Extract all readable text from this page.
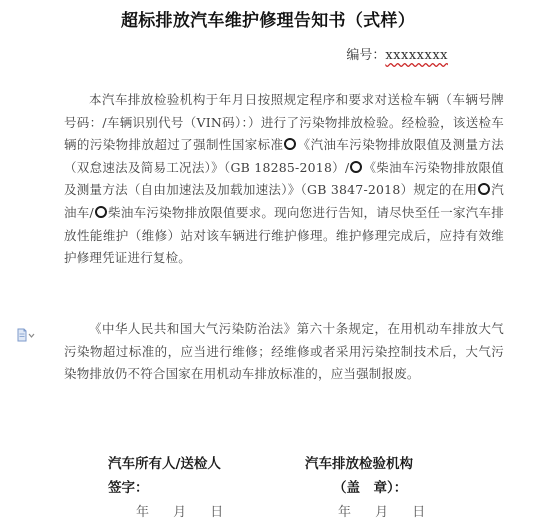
超标排放汽车维护修理告知书（式样）
编号：xxxxxxxx
本汽车排放检验机构于年月日按照规定程序和要求对送检车辆（车辆号牌号码：/车辆识别代号（VIN码）：）进行了污染物排放检验。经检验，该送检车辆的污染物排放超过了强制性国家标准 《汽油车污染物排放限值及测量方法（双怠速法及简易工况法）》（GB 18285-2018）/ 《柴油车污染物排放限值及测量方法（自由加速法及加载加速法）》（GB 3847-2018）规定的在用 汽油车/ 柴油车污染物排放限值要求。现向您进行告知，请尽快至任一家汽车排放性能维护（维修）站对该车辆进行维护修理。维护修理完成后，应持有效维护修理凭证进行复检。
《中华人民共和国大气污染防治法》第六十条规定，在用机动车排放大气污染物超过标准的，应当进行维修；经维修或者采用污染控制技术后，大气污染物排放仍不符合国家在用机动车排放标准的，应当强制报废。
汽车所有人/送检人
签字：
汽车排放检验机构
（盖　章）：
年 月 日	年 月 日
